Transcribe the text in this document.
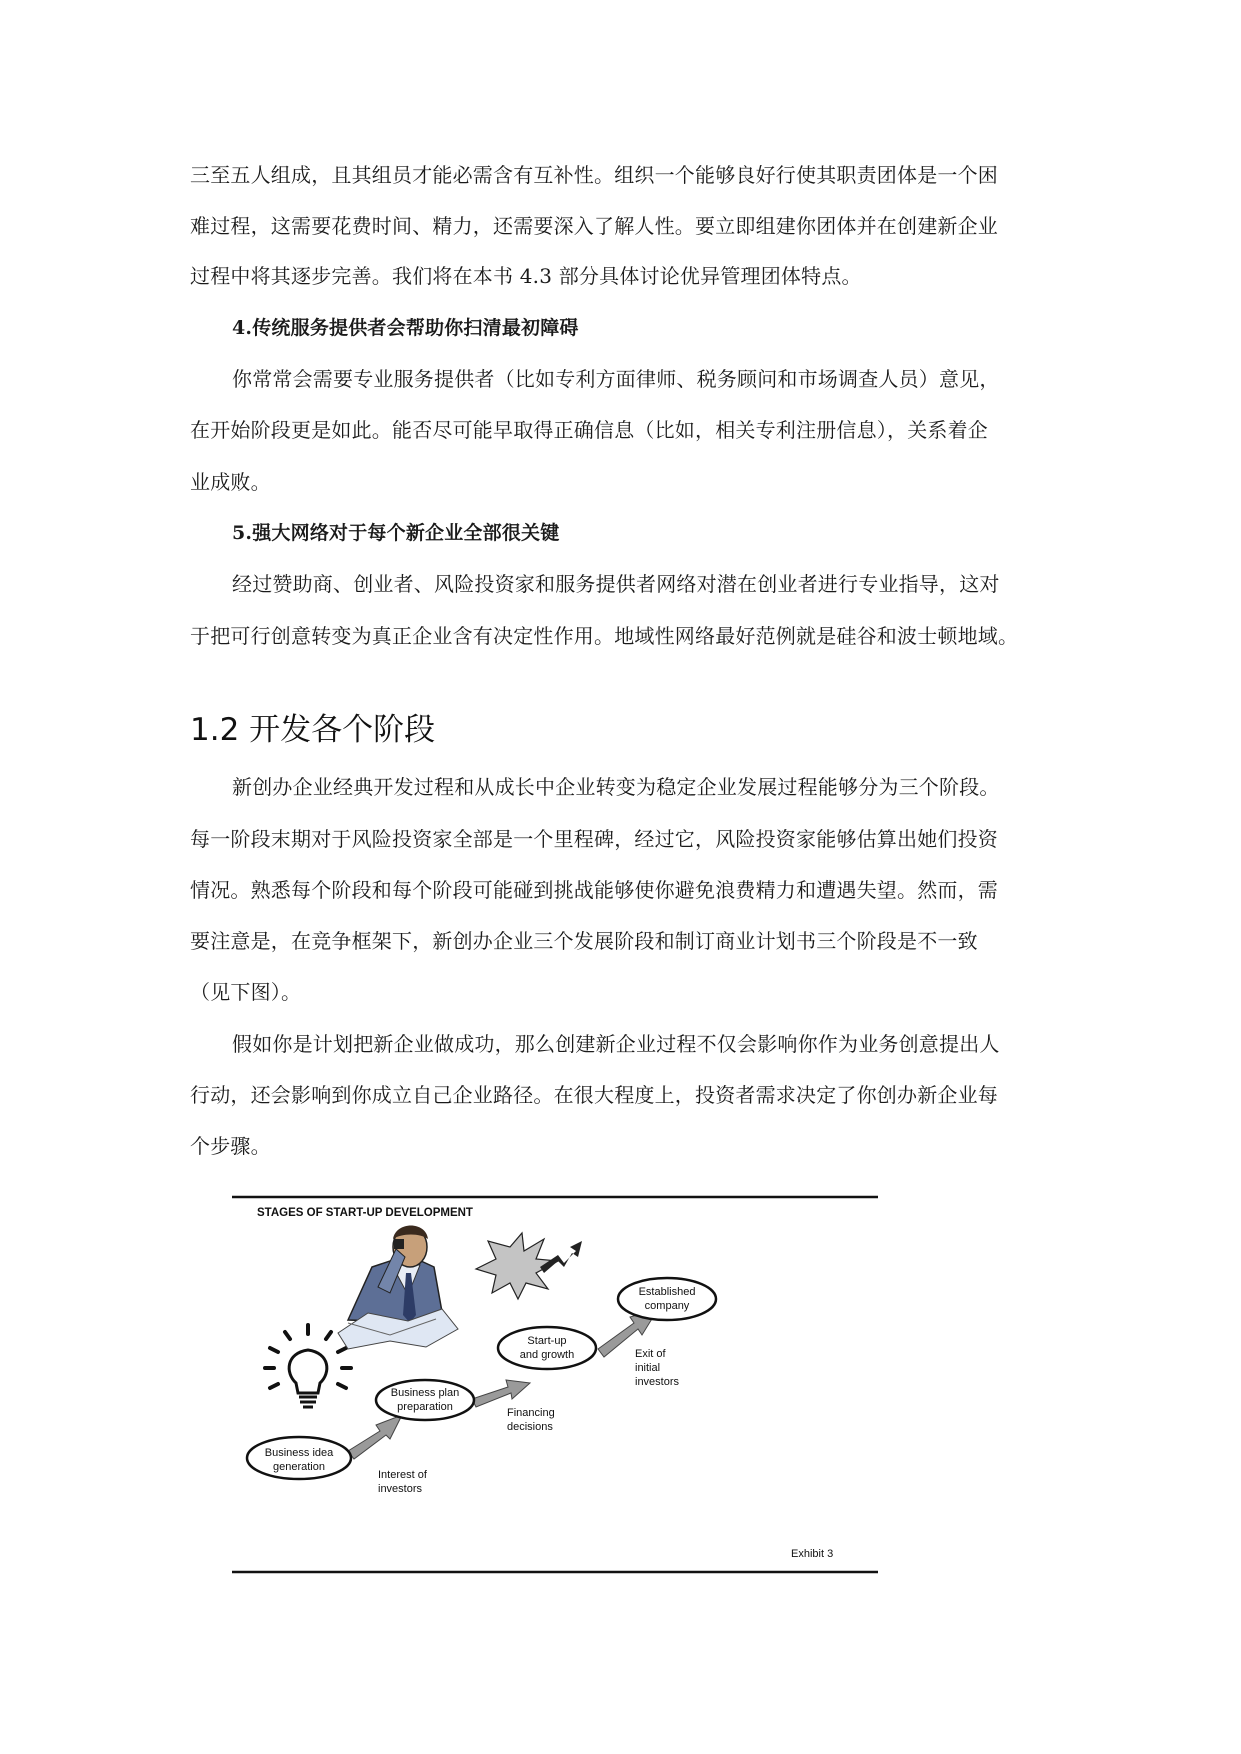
三至五人组成，且其组员才能必需含有互补性。组织一个能够良好行使其职责团体是一个困
难过程，这需要花费时间、精力，还需要深入了解人性。要立即组建你团体并在创建新企业
过程中将其逐步完善。我们将在本书 4.3 部分具体讨论优异管理团体特点。
4.传统服务提供者会帮助你扫清最初障碍
你常常会需要专业服务提供者（比如专利方面律师、税务顾问和市场调查人员）意见，
在开始阶段更是如此。能否尽可能早取得正确信息（比如，相关专利注册信息），关系着企
业成败。
5.强大网络对于每个新企业全部很关键
经过赞助商、创业者、风险投资家和服务提供者网络对潜在创业者进行专业指导，这对
于把可行创意转变为真正企业含有决定性作用。地域性网络最好范例就是硅谷和波士顿地域。
1.2 开发各个阶段
新创办企业经典开发过程和从成长中企业转变为稳定企业发展过程能够分为三个阶段。
每一阶段末期对于风险投资家全部是一个里程碑，经过它，风险投资家能够估算出她们投资
情况。熟悉每个阶段和每个阶段可能碰到挑战能够使你避免浪费精力和遭遇失望。然而，需
要注意是，在竞争框架下，新创办企业三个发展阶段和制订商业计划书三个阶段是不一致
（见下图）。
假如你是计划把新企业做成功，那么创建新企业过程不仅会影响你作为业务创意提出人
行动，还会影响到你成立自己企业路径。在很大程度上，投资者需求决定了你创办新企业每
个步骤。
STAGES OF START-UP DEVELOPMENT
Business idea
generation
Business plan
preparation
Start-up
and growth
Established
company
Interest of
investors
Financing
decisions
Exit of
initial
investors
Exhibit 3
